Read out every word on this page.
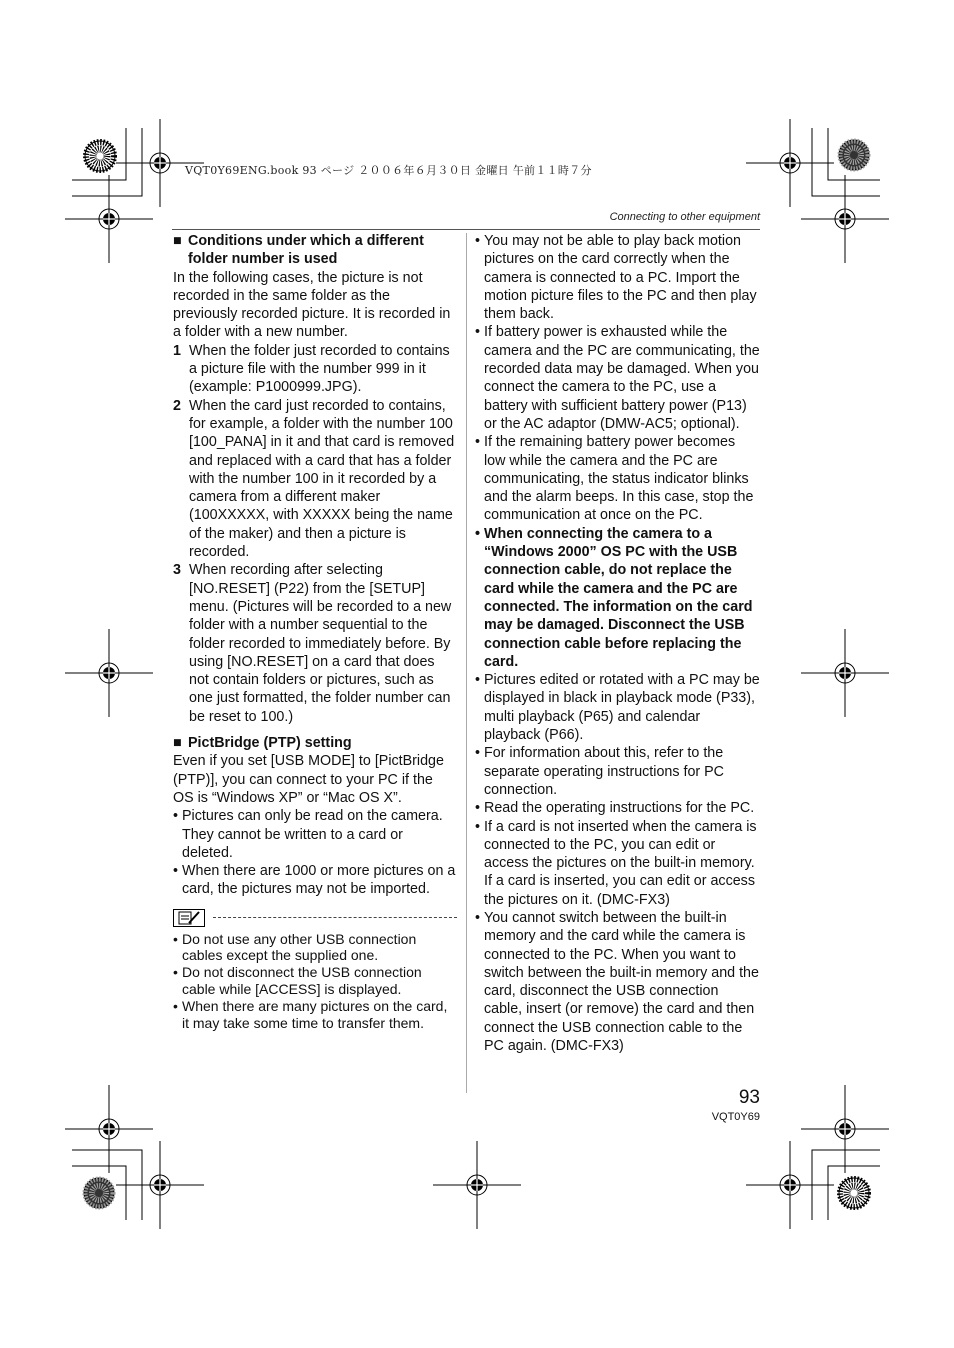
VQT0Y69ENG.book 93 ページ ２００６年６月３０日 金曜日 午前１１時７分
Connecting to other equipment
■ Conditions under which a different folder number is used

In the following cases, the picture is not recorded in the same folder as the previously recorded picture. It is recorded in a folder with a new number.

1 When the folder just recorded to contains a picture file with the number 999 in it (example: P1000999.JPG).
2 When the card just recorded to contains, for example, a folder with the number 100 [100_PANA] in it and that card is removed and replaced with a card that has a folder with the number 100 in it recorded by a camera from a different maker (100XXXXX, with XXXXX being the name of the maker) and then a picture is recorded.
3 When recording after selecting [NO.RESET] (P22) from the [SETUP] menu. (Pictures will be recorded to a new folder with a number sequential to the folder recorded to immediately before. By using [NO.RESET] on a card that does not contain folders or pictures, such as one just formatted, the folder number can be reset to 100.)
■ PictBridge (PTP) setting

Even if you set [USB MODE] to [PictBridge (PTP)], you can connect to your PC if the OS is “Windows XP” or “Mac OS X”.

• Pictures can only be read on the camera. They cannot be written to a card or deleted.
• When there are 1000 or more pictures on a card, the pictures may not be imported.
• Do not use any other USB connection cables except the supplied one.
• Do not disconnect the USB connection cable while [ACCESS] is displayed.
• When there are many pictures on the card, it may take some time to transfer them.
• You may not be able to play back motion pictures on the card correctly when the camera is connected to a PC. Import the motion picture files to the PC and then play them back.
• If battery power is exhausted while the camera and the PC are communicating, the recorded data may be damaged. When you connect the camera to the PC, use a battery with sufficient battery power (P13) or the AC adaptor (DMW-AC5; optional).
• If the remaining battery power becomes low while the camera and the PC are communicating, the status indicator blinks and the alarm beeps. In this case, stop the communication at once on the PC.
• When connecting the camera to a “Windows 2000” OS PC with the USB connection cable, do not replace the card while the camera and the PC are connected. The information on the card may be damaged. Disconnect the USB connection cable before replacing the card.
• Pictures edited or rotated with a PC may be displayed in black in playback mode (P33), multi playback (P65) and calendar playback (P66).
• For information about this, refer to the separate operating instructions for PC connection.
• Read the operating instructions for the PC.
• If a card is not inserted when the camera is connected to the PC, you can edit or access the pictures on the built-in memory. If a card is inserted, you can edit or access the pictures on it. (DMC-FX3)
• You cannot switch between the built-in memory and the card while the camera is connected to the PC. When you want to switch between the built-in memory and the card, disconnect the USB connection cable, insert (or remove) the card and then connect the USB connection cable to the PC again. (DMC-FX3)
93
VQT0Y69
